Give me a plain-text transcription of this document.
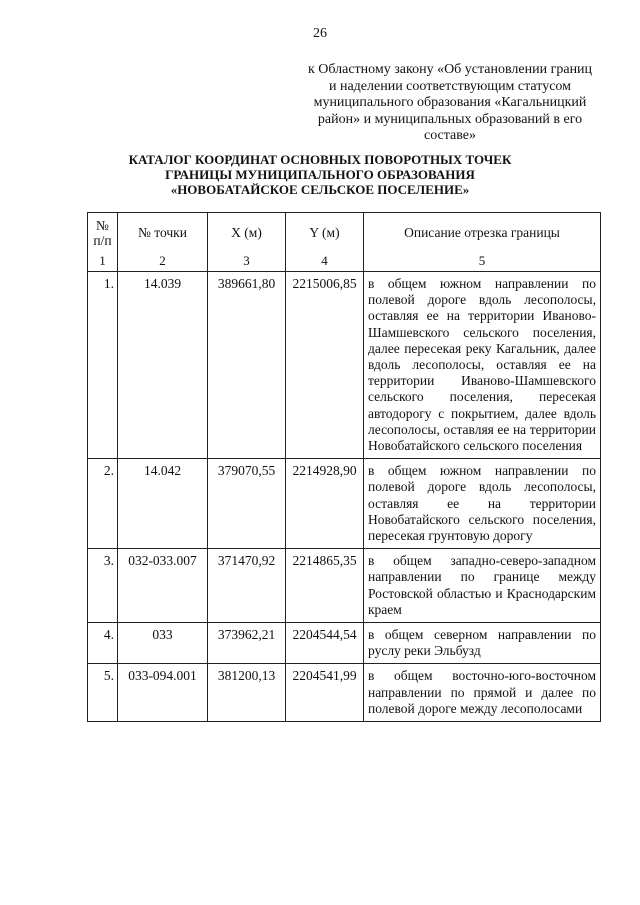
26
к Областному закону «Об установлении границ и наделении соответствующим статусом муниципального образования «Кагальницкий район» и муниципальных образований в его составе»
КАТАЛОГ КООРДИНАТ ОСНОВНЫХ ПОВОРОТНЫХ ТОЧЕК
ГРАНИЦЫ МУНИЦИПАЛЬНОГО ОБРАЗОВАНИЯ
«НОВОБАТАЙСКОЕ СЕЛЬСКОЕ ПОСЕЛЕНИЕ»
№
п/п	№ точки	X (м)	Y (м)	Описание отрезка границы
1	2	3	4	5
1.	14.039	389661,80	2215006,85	в общем южном направлении по полевой дороге вдоль лесополосы, оставляя ее на территории Иваново-Шамшевского сельского поселения, далее пересекая реку Кагальник, далее вдоль лесополосы, оставляя ее на территории Иваново-Шамшевского сельского поселения, пересекая автодорогу с покрытием, далее вдоль лесополосы, оставляя ее на территории Новобатайского сельского поселения
2.	14.042	379070,55	2214928,90	в общем южном направлении по полевой дороге вдоль лесополосы, оставляя ее на территории Новобатайского сельского поселения, пересекая грунтовую дорогу
3.	032-033.007	371470,92	2214865,35	в общем западно-северо-западном направлении по границе между Ростовской областью и Краснодарским краем
4.	033	373962,21	2204544,54	в общем северном направлении по руслу реки Эльбузд
5.	033-094.001	381200,13	2204541,99	в общем восточно-юго-восточном направлении по прямой и далее по полевой дороге между лесополосами
